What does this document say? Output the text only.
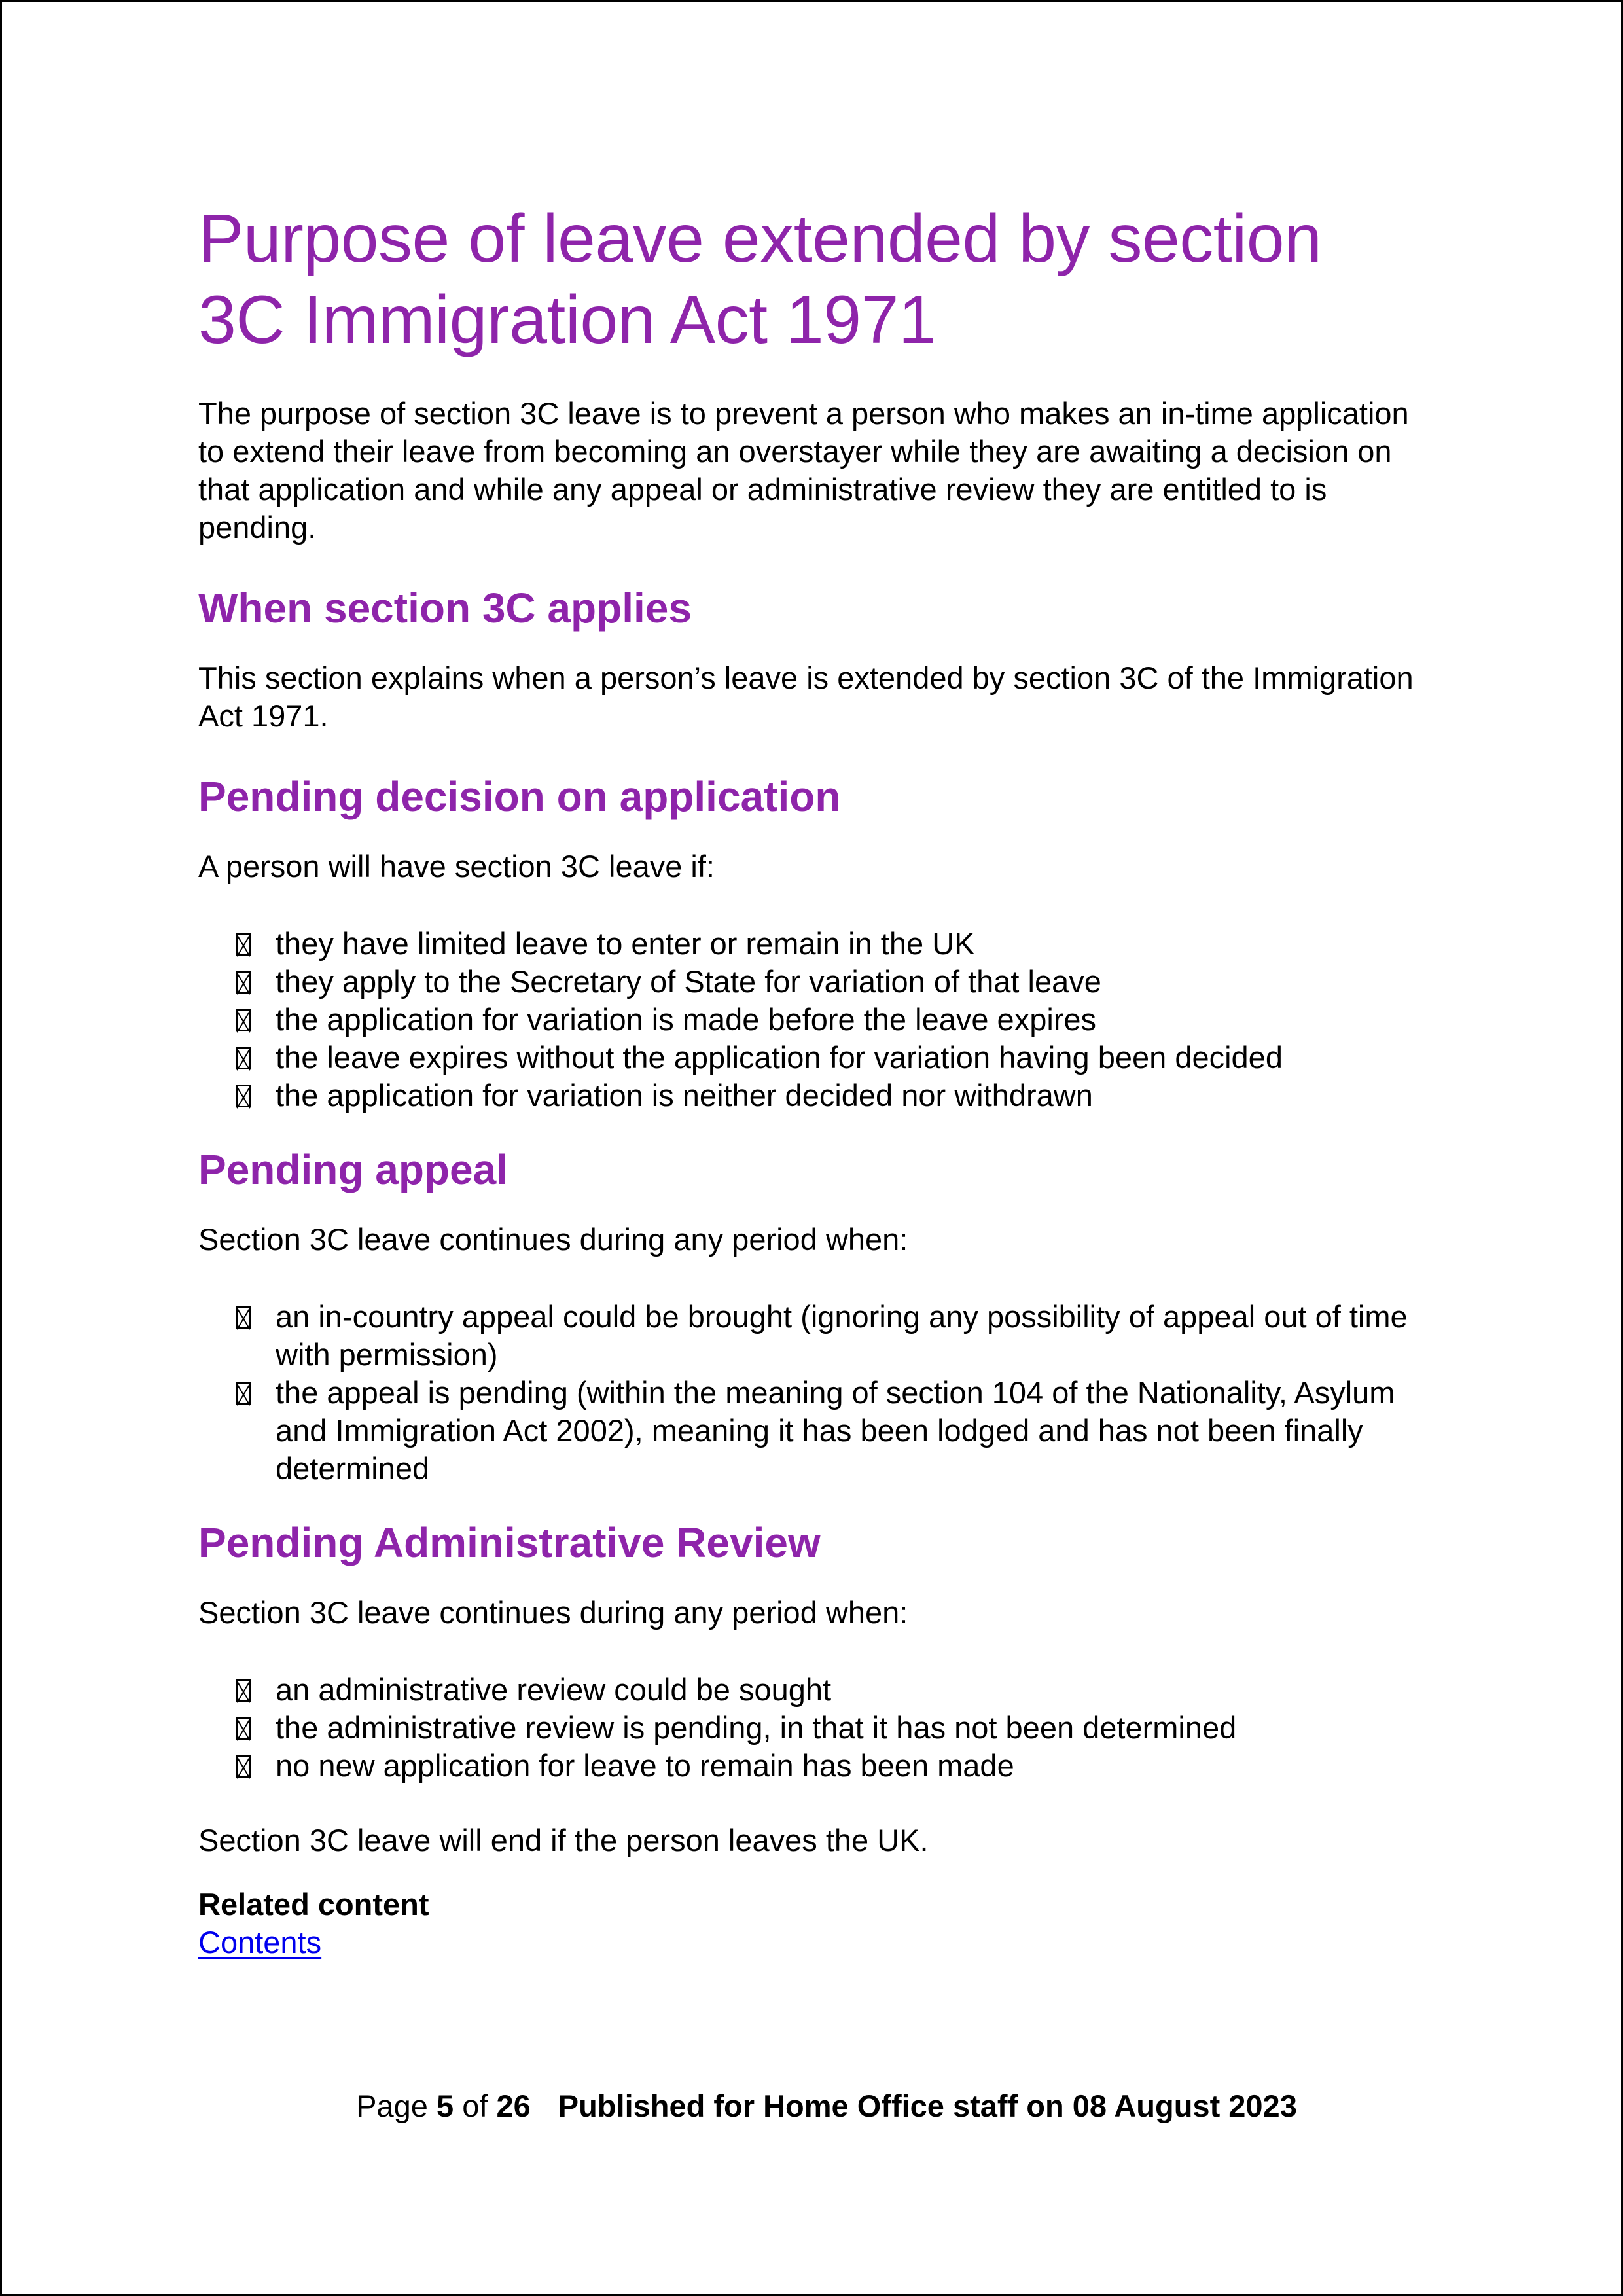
Purpose of leave extended by section
3C Immigration Act 1971

The purpose of section 3C leave is to prevent a person who makes an in-time application to extend their leave from becoming an overstayer while they are awaiting a decision on that application and while any appeal or administrative review they are entitled to is pending.

When section 3C applies

This section explains when a person’s leave is extended by section 3C of the Immigration Act 1971.

Pending decision on application

A person will have section 3C leave if:

they have limited leave to enter or remain in the UK
they apply to the Secretary of State for variation of that leave
the application for variation is made before the leave expires
the leave expires without the application for variation having been decided
the application for variation is neither decided nor withdrawn
Pending appeal

Section 3C leave continues during any period when:

an in-country appeal could be brought (ignoring any possibility of appeal out of time with permission)
the appeal is pending (within the meaning of section 104 of the Nationality, Asylum and Immigration Act 2002), meaning it has been lodged and has not been finally determined
Pending Administrative Review

Section 3C leave continues during any period when:

an administrative review could be sought
the administrative review is pending, in that it has not been determined
no new application for leave to remain has been made

Section 3C leave will end if the person leaves the UK.

Related content

Contents
Page 5 of 26 Published for Home Office staff on 08 August 2023
